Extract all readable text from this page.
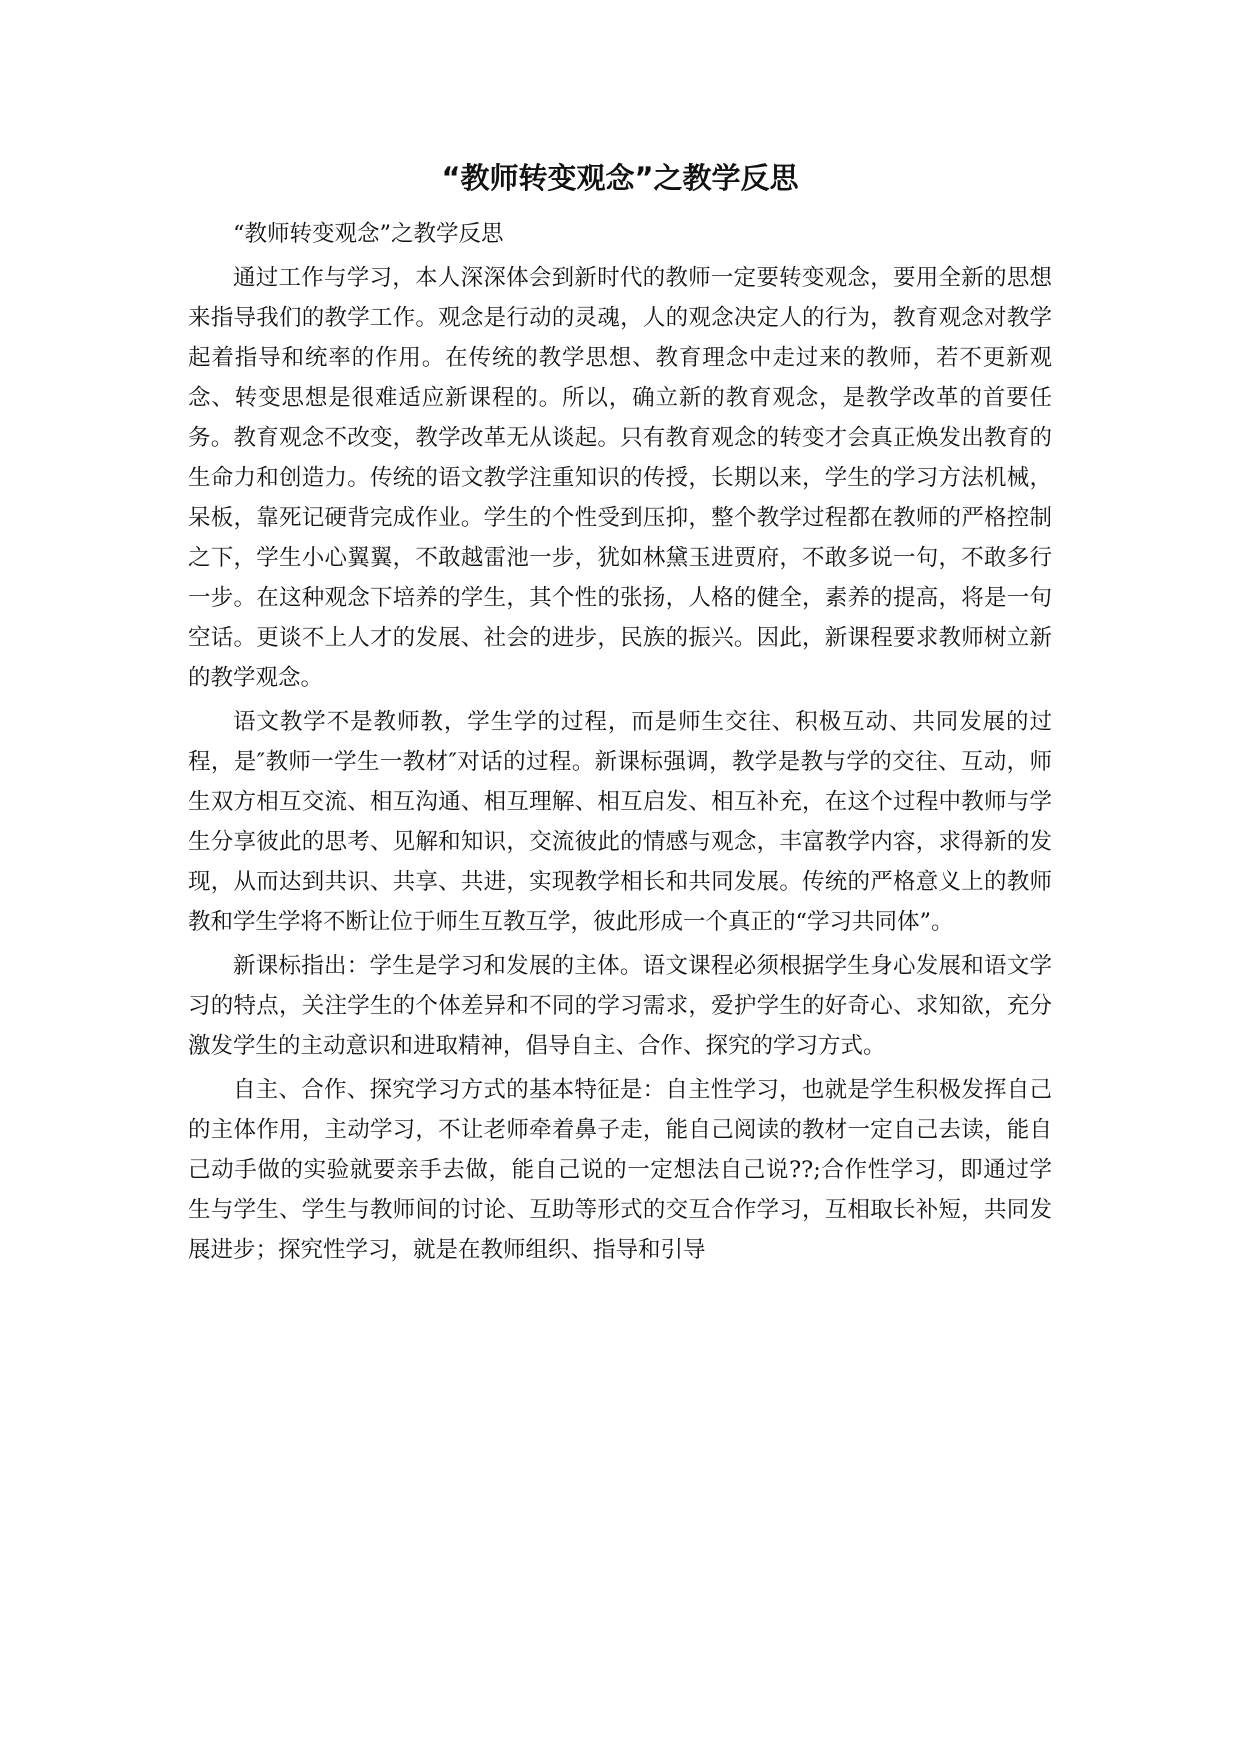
“教师转变观念”之教学反思

“教师转变观念”之教学反思

通过工作与学习，本人深深体会到新时代的教师一定要转变观念，要用全新的思想来指导我们的教学工作。观念是行动的灵魂，人的观念决定人的行为，教育观念对教学起着指导和统率的作用。在传统的教学思想、教育理念中走过来的教师，若不更新观念、转变思想是很难适应新课程的。所以，确立新的教育观念，是教学改革的首要任务。教育观念不改变，教学改革无从谈起。只有教育观念的转变才会真正焕发出教育的生命力和创造力。传统的语文教学注重知识的传授，长期以来，学生的学习方法机械，呆板，靠死记硬背完成作业。学生的个性受到压抑，整个教学过程都在教师的严格控制之下，学生小心翼翼，不敢越雷池一步，犹如林黛玉进贾府，不敢多说一句，不敢多行一步。在这种观念下培养的学生，其个性的张扬，人格的健全，素养的提高，将是一句空话。更谈不上人才的发展、社会的进步，民族的振兴。因此，新课程要求教师树立新的教学观念。

语文教学不是教师教，学生学的过程，而是师生交往、积极互动、共同发展的过程，是″教师一学生一教材″对话的过程。新课标强调，教学是教与学的交往、互动，师生双方相互交流、相互沟通、相互理解、相互启发、相互补充，在这个过程中教师与学生分享彼此的思考、见解和知识，交流彼此的情感与观念，丰富教学内容，求得新的发现，从而达到共识、共享、共进，实现教学相长和共同发展。传统的严格意义上的教师教和学生学将不断让位于师生互教互学，彼此形成一个真正的“学习共同体”。

新课标指出：学生是学习和发展的主体。语文课程必须根据学生身心发展和语文学习的特点，关注学生的个体差异和不同的学习需求，爱护学生的好奇心、求知欲，充分激发学生的主动意识和进取精神，倡导自主、合作、探究的学习方式。

自主、合作、探究学习方式的基本特征是：自主性学习，也就是学生积极发挥自己的主体作用，主动学习，不让老师牵着鼻子走，能自己阅读的教材一定自己去读，能自己动手做的实验就要亲手去做，能自己说的一定想法自己说??;合作性学习，即通过学生与学生、学生与教师间的讨论、互助等形式的交互合作学习，互相取长补短，共同发展进步；探究性学习，就是在教师组织、指导和引导
